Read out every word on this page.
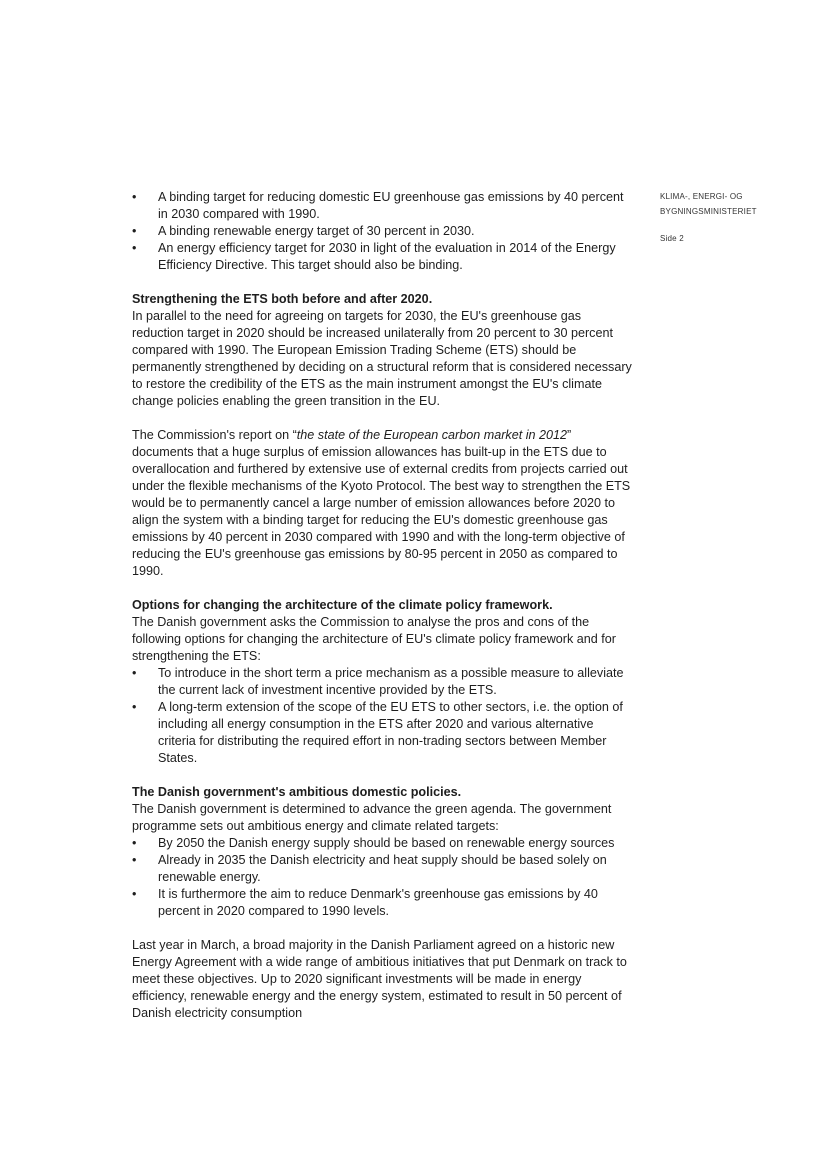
KLIMA-, ENERGI- OG
BYGNINGSMINISTERIET
Side 2
• A binding target for reducing domestic EU greenhouse gas emissions by 40 percent in 2030 compared with 1990.
• A binding renewable energy target of 30 percent in 2030.
• An energy efficiency target for 2030 in light of the evaluation in 2014 of the Energy Efficiency Directive. This target should also be binding.

Strengthening the ETS both before and after 2020.

In parallel to the need for agreeing on targets for 2030, the EU's greenhouse gas reduction target in 2020 should be increased unilaterally from 20 percent to 30 percent compared with 1990. The European Emission Trading Scheme (ETS) should be permanently strengthened by deciding on a structural reform that is considered necessary to restore the credibility of the ETS as the main instrument amongst the EU's climate change policies enabling the green transition in the EU.

The Commission's report on “the state of the European carbon market in 2012” documents that a huge surplus of emission allowances has built-up in the ETS due to overallocation and furthered by extensive use of external credits from projects carried out under the flexible mechanisms of the Kyoto Protocol. The best way to strengthen the ETS would be to permanently cancel a large number of emission allowances before 2020 to align the system with a binding target for reducing the EU's domestic greenhouse gas emissions by 40 percent in 2030 compared with 1990 and with the long-term objective of reducing the EU's greenhouse gas emissions by 80-95 percent in 2050 as compared to 1990.

Options for changing the architecture of the climate policy framework.

The Danish government asks the Commission to analyse the pros and cons of the following options for changing the architecture of EU's climate policy framework and for strengthening the ETS:

• To introduce in the short term a price mechanism as a possible measure to alleviate the current lack of investment incentive provided by the ETS.
• A long-term extension of the scope of the EU ETS to other sectors, i.e. the option of including all energy consumption in the ETS after 2020 and various alternative criteria for distributing the required effort in non-trading sectors between Member States.

The Danish government's ambitious domestic policies.

The Danish government is determined to advance the green agenda. The government programme sets out ambitious energy and climate related targets:

• By 2050 the Danish energy supply should be based on renewable energy sources
• Already in 2035 the Danish electricity and heat supply should be based solely on renewable energy.
• It is furthermore the aim to reduce Denmark's greenhouse gas emissions by 40 percent in 2020 compared to 1990 levels.

Last year in March, a broad majority in the Danish Parliament agreed on a historic new Energy Agreement with a wide range of ambitious initiatives that put Denmark on track to meet these objectives. Up to 2020 significant investments will be made in energy efficiency, renewable energy and the energy system, estimated to result in 50 percent of Danish electricity consumption
